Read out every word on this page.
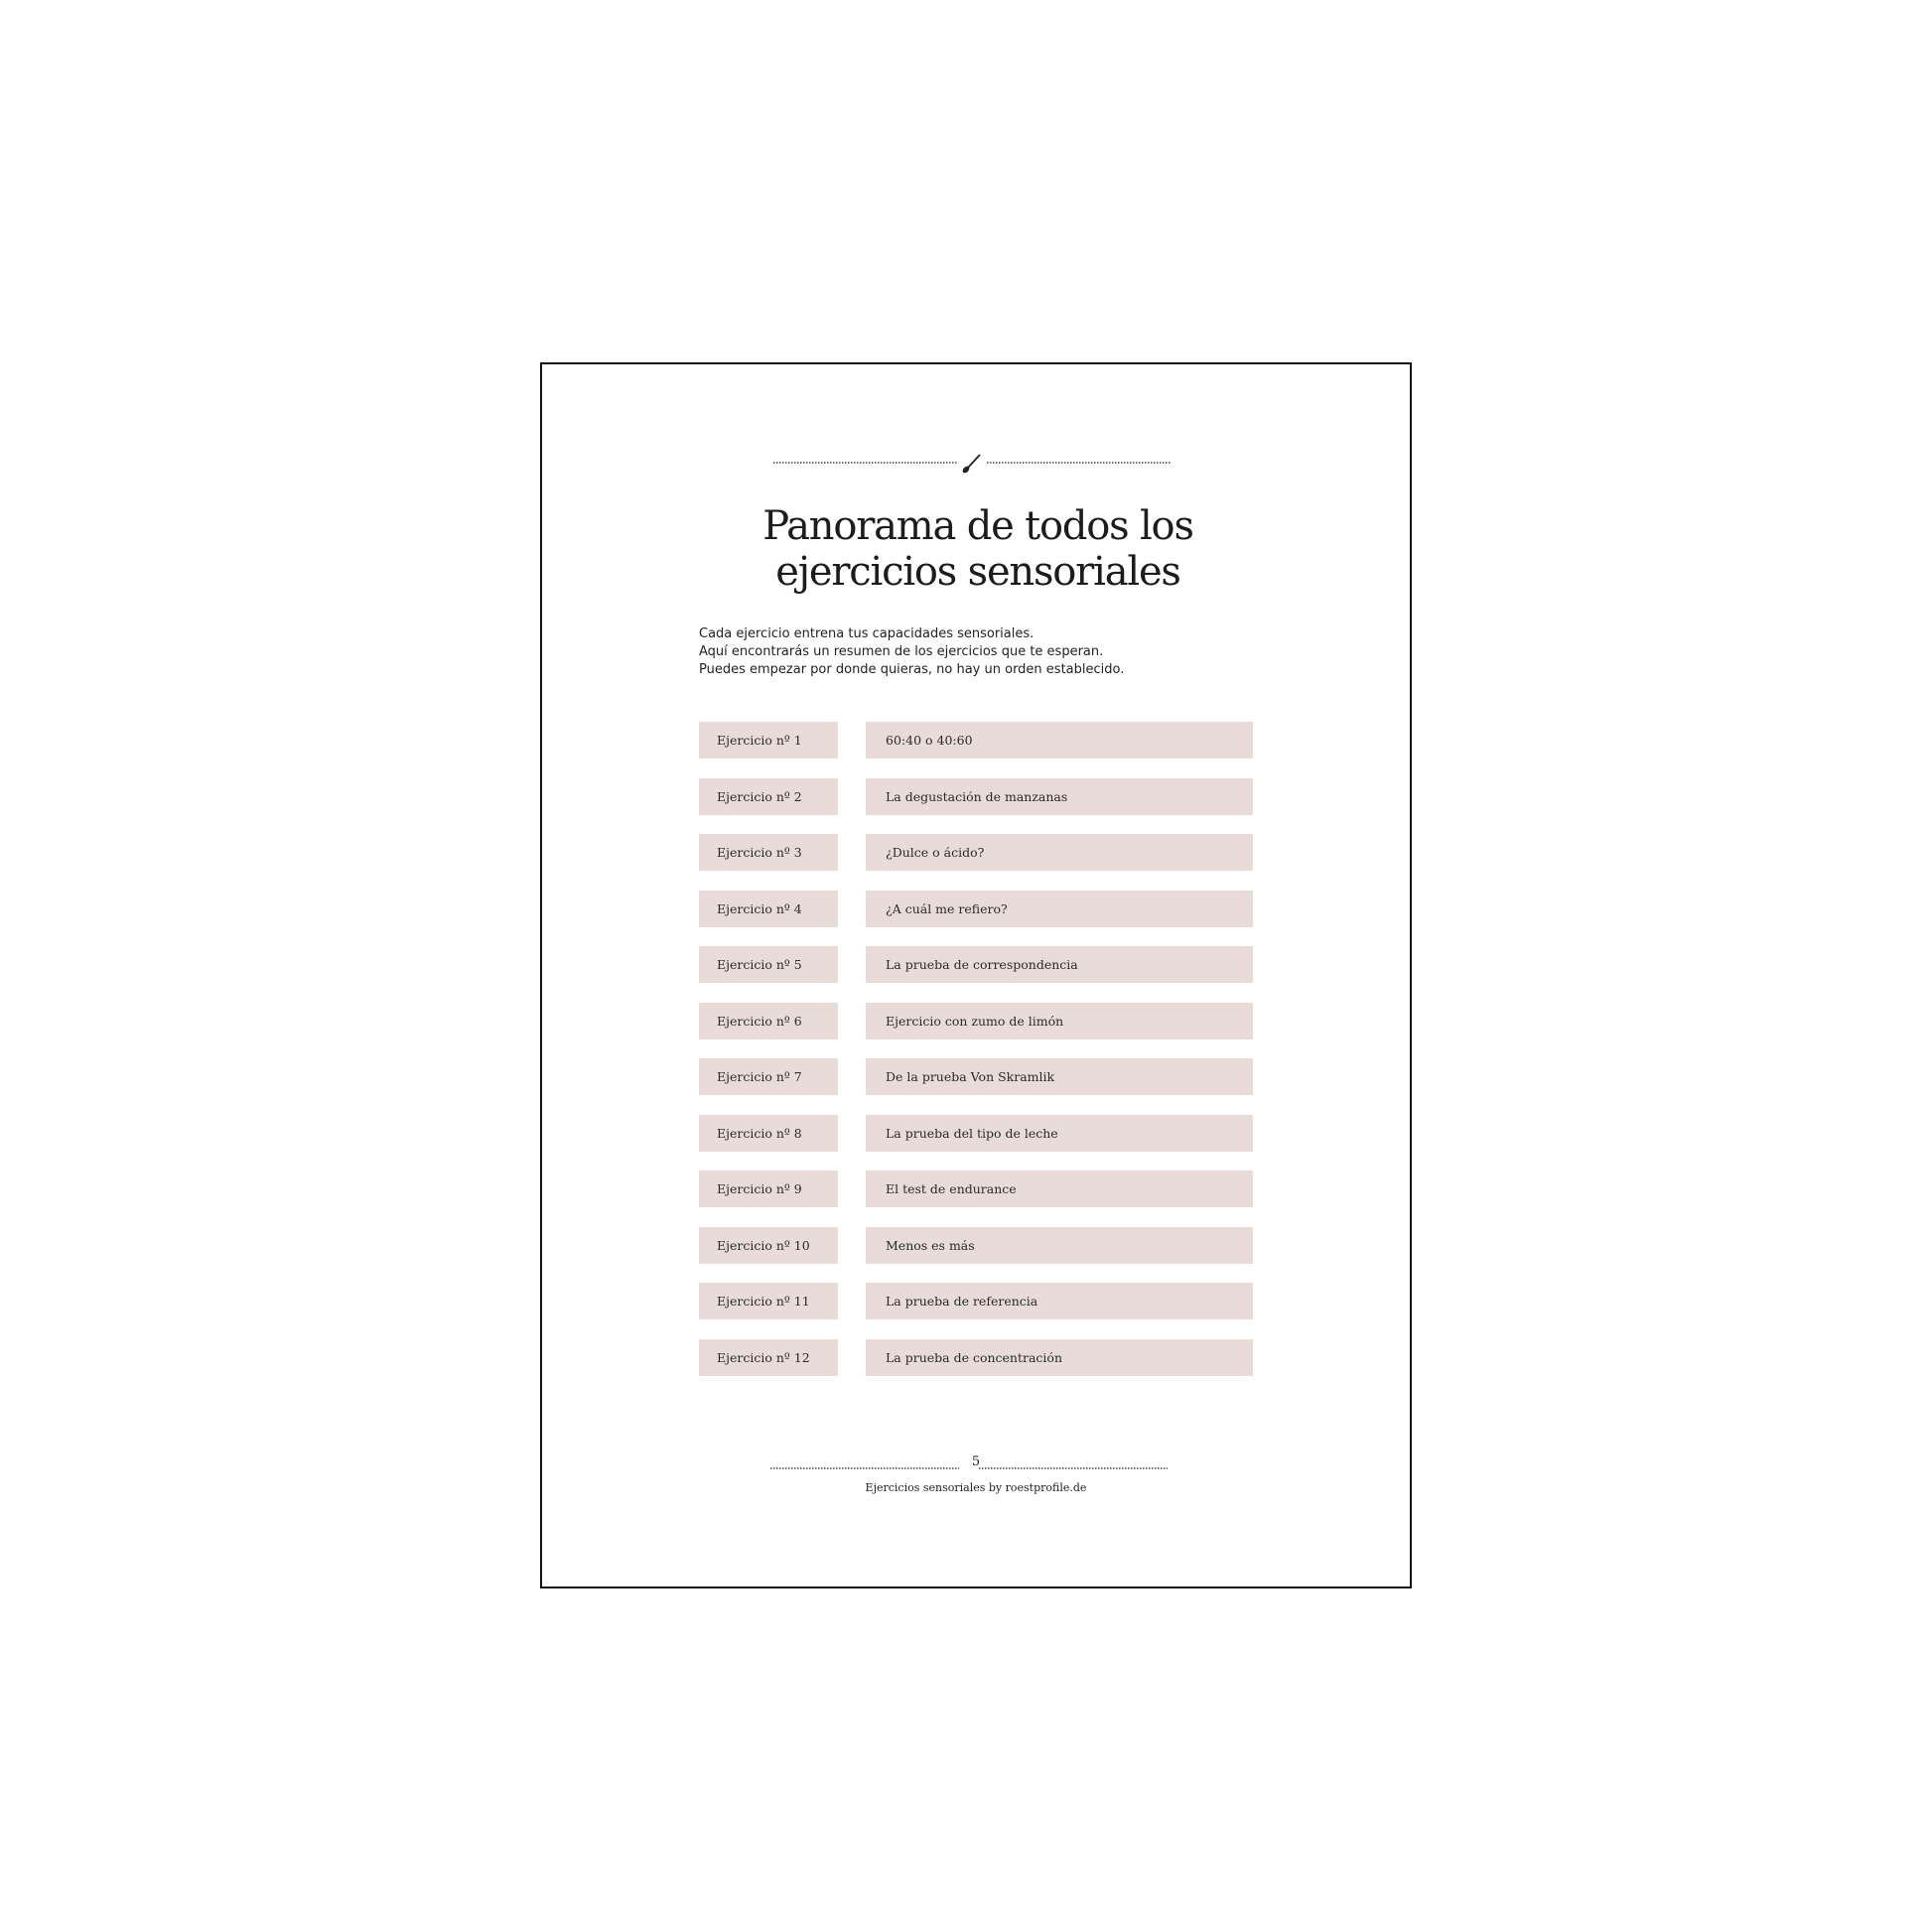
Panorama de todos los
ejercicios sensoriales
Cada ejercicio entrena tus capacidades sensoriales.
Aquí encontrarás un resumen de los ejercicios que te esperan.
Puedes empezar por donde quieras, no hay un orden establecido.
Ejercicio nº 1	60:40 o 40:60
Ejercicio nº 2	La degustación de manzanas
Ejercicio nº 3	¿Dulce o ácido?
Ejercicio nº 4	¿A cuál me refiero?
Ejercicio nº 5	La prueba de correspondencia
Ejercicio nº 6	Ejercicio con zumo de limón
Ejercicio nº 7	De la prueba Von Skramlik
Ejercicio nº 8	La prueba del tipo de leche
Ejercicio nº 9	El test de endurance
Ejercicio nº 10	Menos es más
Ejercicio nº 11	La prueba de referencia
Ejercicio nº 12	La prueba de concentración
5
Ejercicios sensoriales by roestprofile.de
